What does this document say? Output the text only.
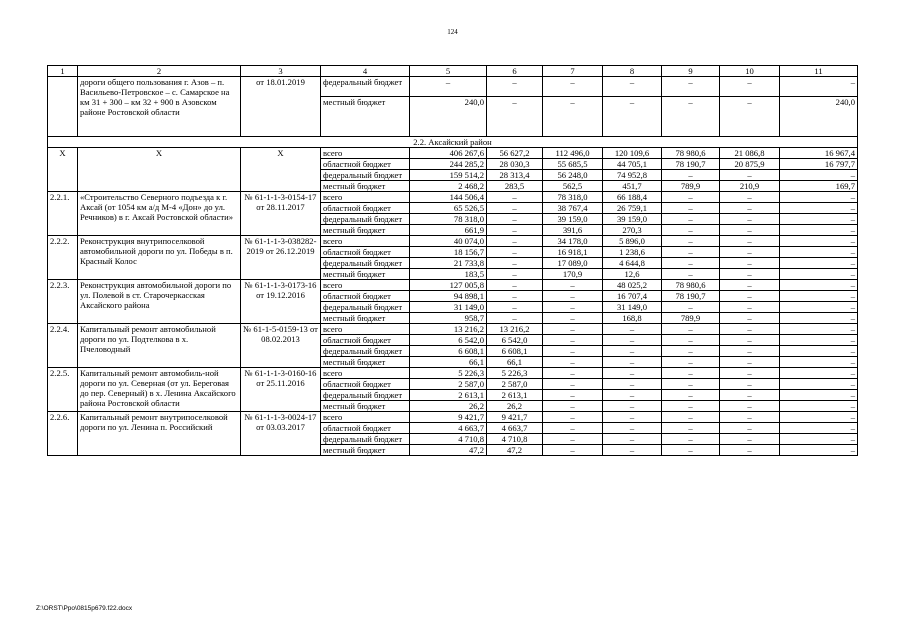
124
1	2	3	4	5	6	7	8	9	10	11
	дороги общего пользования г. Азов – п. Васильево-Петровское – с. Самарское на км 31 + 300 – км 32 + 900 в Азовском районе Ростовской области	от 18.01.2019	федеральный бюджет	–	–	–	–	–	–	–
			местный бюджет	240,0	–	–	–	–	–	240,0
2.2. Аксайский район										
Х	Х	Х	всего	406 267,6	56 627,2	112 496,0	120 109,6	78 980,6	21 086,8	16 967,4
			областной бюджет	244 285,2	28 030,3	55 685,5	44 705,1	78 190,7	20 875,9	16 797,7
			федеральный бюджет	159 514,2	28 313,4	56 248,0	74 952,8	–	–	–
			местный бюджет	2 468,2	283,5	562,5	451,7	789,9	210,9	169,7
2.2.1.	«Строительство Северного подъезда к г. Аксай (от 1054 км а/д М-4 «Дон» до ул. Речников) в г. Аксай Ростовской области»	№ 61-1-1-3-0154-17 от 28.11.2017	всего	144 506,4	–	78 318,0	66 188,4	–	–	–
			областной бюджет	65 526,5	–	38 767,4	26 759,1	–	–	–
			федеральный бюджет	78 318,0	–	39 159,0	39 159,0	–	–	–
			местный бюджет	661,9	–	391,6	270,3	–	–	–
2.2.2.	Реконструкция внутрипоселковой автомобильной дороги по ул. Победы в п. Красный Колос	№ 61-1-1-3-038282-2019 от 26.12.2019	всего	40 074,0	–	34 178,0	5 896,0	–	–	–
			областной бюджет	18 156,7	–	16 918,1	1 238,6	–	–	–
			федеральный бюджет	21 733,8	–	17 089,0	4 644,8	–	–	–
			местный бюджет	183,5	–	170,9	12,6	–	–	–
2.2.3.	Реконструкция автомобильной дороги по ул. Полевой в ст. Старочеркасская Аксайского района	№ 61-1-1-3-0173-16 от 19.12.2016	всего	127 005,8	–	–	48 025,2	78 980,6	–	–
			областной бюджет	94 898,1	–	–	16 707,4	78 190,7	–	–
			федеральный бюджет	31 149,0	–	–	31 149,0	–	–	–
			местный бюджет	958,7	–	–	168,8	789,9	–	–
2.2.4.	Капитальный ремонт автомобильной дороги по ул. Подтелкова в х. Пчеловодный	№ 61-1-5-0159-13 от 08.02.2013	всего	13 216,2	13 216,2	–	–	–	–	–
			областной бюджет	6 542,0	6 542,0	–	–	–	–	–
			федеральный бюджет	6 608,1	6 608,1	–	–	–	–	–
			местный бюджет	66,1	66,1	–	–	–	–	–
2.2.5.	Капитальный ремонт автомобиль-ной дороги по ул. Северная (от ул. Береговая до пер. Северный) в х. Ленина Аксайского района Ростовской области	№ 61-1-1-3-0160-16 от 25.11.2016	всего	5 226,3	5 226,3	–	–	–	–	–
			областной бюджет	2 587,0	2 587,0	–	–	–	–	–
			федеральный бюджет	2 613,1	2 613,1	–	–	–	–	–
			местный бюджет	26,2	26,2	–	–	–	–	–
2.2.6.	Капитальный ремонт внутрипоселковой дороги по ул. Ленина п. Российский	№ 61-1-1-3-0024-17 от 03.03.2017	всего	9 421,7	9 421,7	–	–	–	–	–
			областной бюджет	4 663,7	4 663,7	–	–	–	–	–
			федеральный бюджет	4 710,8	4 710,8	–	–	–	–	–
			местный бюджет	47,2	47,2	–	–	–	–	–
Z:\ORST\Ppo\0815p679.f22.docx
